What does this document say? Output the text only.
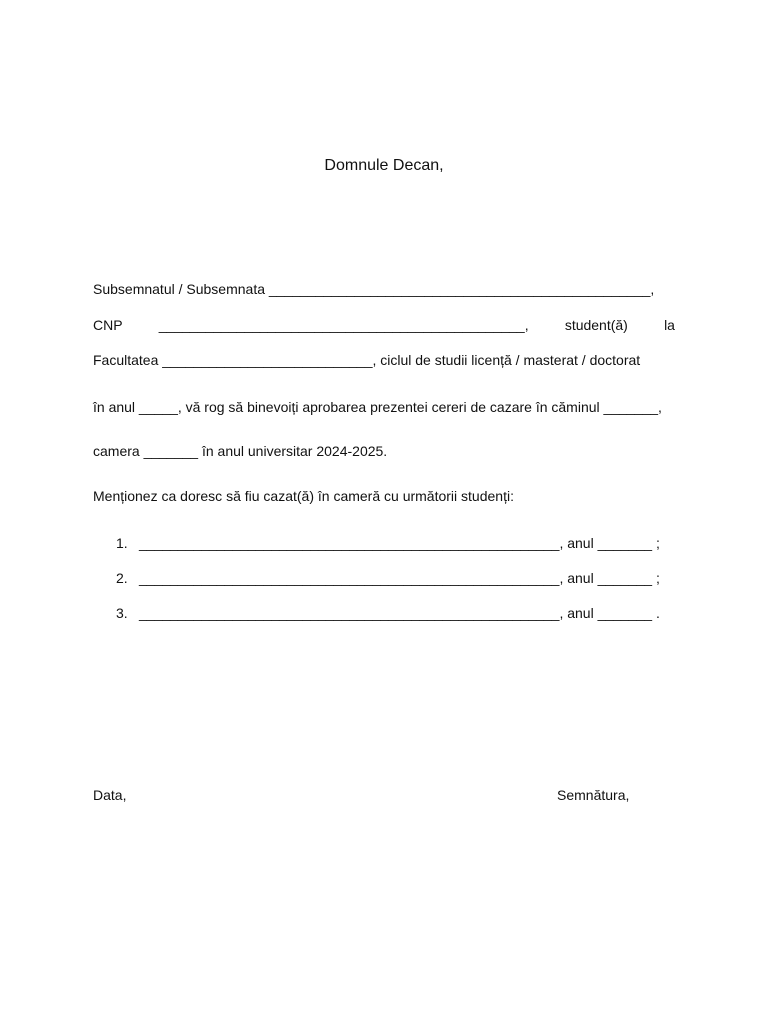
Domnule Decan,
Subsemnatul / Subsemnata _________________________________________________,
CNP	_______________________________________________,	student(ă)	la
Facultatea ___________________________, ciclul de studii licență / masterat / doctorat
în anul _____, vă rog să binevoiți aprobarea prezentei cereri de cazare în căminul _______,
camera _______ în anul universitar 2024-2025.
Menționez ca doresc să fiu cazat(ă) în cameră cu următorii studenți:
1. ______________________________________________________, anul _______ ;
2. ______________________________________________________, anul _______ ;
3. ______________________________________________________, anul _______ .
Data,	Semnătura,
